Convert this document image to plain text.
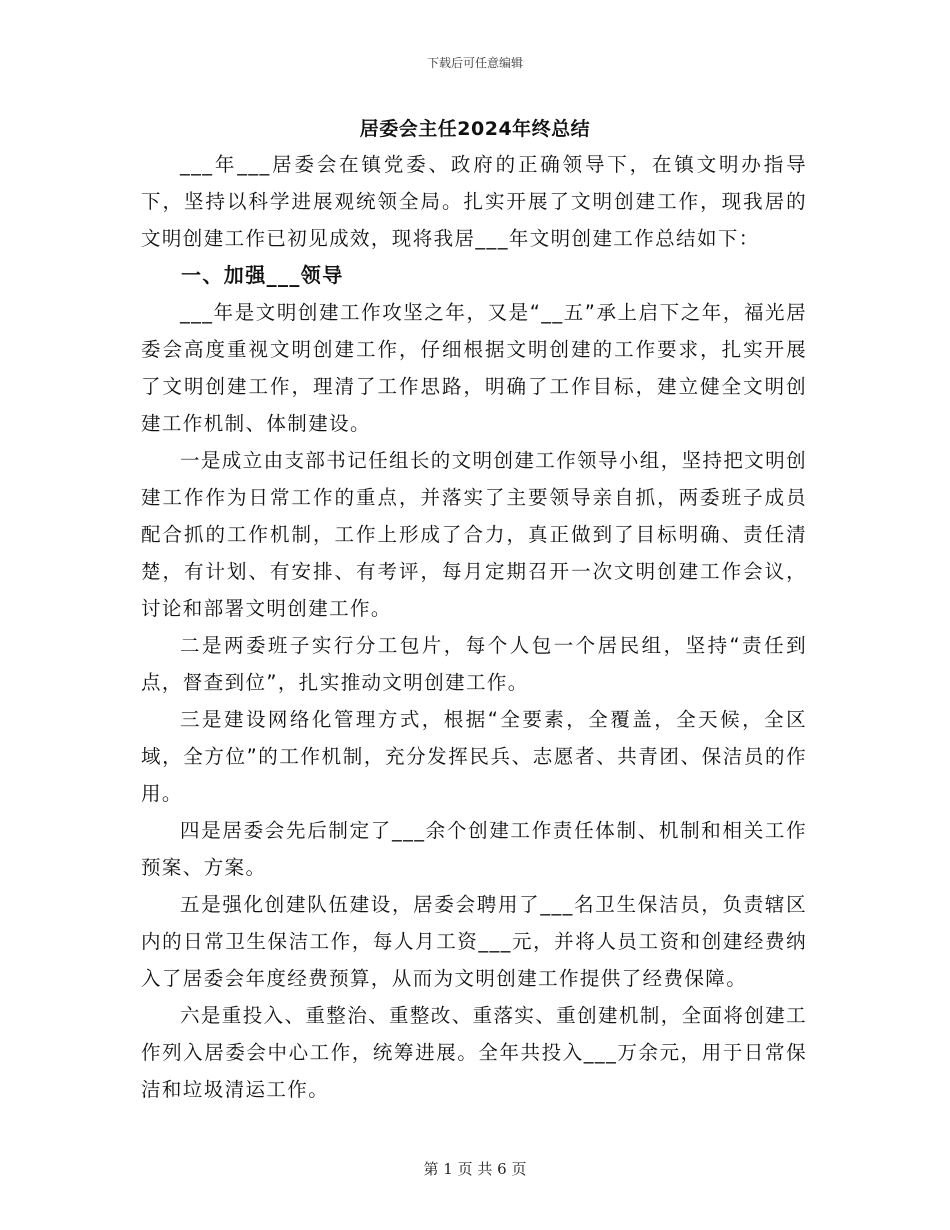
下载后可任意编辑
居委会主任2024年终总结

___年___居委会在镇党委、政府的正确领导下，在镇文明办指导下，坚持以科学进展观统领全局。扎实开展了文明创建工作，现我居的文明创建工作已初见成效，现将我居___年文明创建工作总结如下：

一、加强___领导

___年是文明创建工作攻坚之年，又是“__五”承上启下之年，福光居委会高度重视文明创建工作，仔细根据文明创建的工作要求，扎实开展了文明创建工作，理清了工作思路，明确了工作目标，建立健全文明创建工作机制、体制建设。

一是成立由支部书记任组长的文明创建工作领导小组，坚持把文明创建工作作为日常工作的重点，并落实了主要领导亲自抓，两委班子成员配合抓的工作机制，工作上形成了合力，真正做到了目标明确、责任清楚，有计划、有安排、有考评，每月定期召开一次文明创建工作会议，讨论和部署文明创建工作。

二是两委班子实行分工包片，每个人包一个居民组，坚持“责任到点，督查到位”，扎实推动文明创建工作。

三是建设网络化管理方式，根据“全要素，全覆盖，全天候，全区域，全方位”的工作机制，充分发挥民兵、志愿者、共青团、保洁员的作用。

四是居委会先后制定了___余个创建工作责任体制、机制和相关工作预案、方案。

五是强化创建队伍建设，居委会聘用了___名卫生保洁员，负责辖区内的日常卫生保洁工作，每人月工资___元，并将人员工资和创建经费纳入了居委会年度经费预算，从而为文明创建工作提供了经费保障。

六是重投入、重整治、重整改、重落实、重创建机制，全面将创建工作列入居委会中心工作，统筹进展。全年共投入___万余元，用于日常保洁和垃圾清运工作。

第 1 页 共 6 页
